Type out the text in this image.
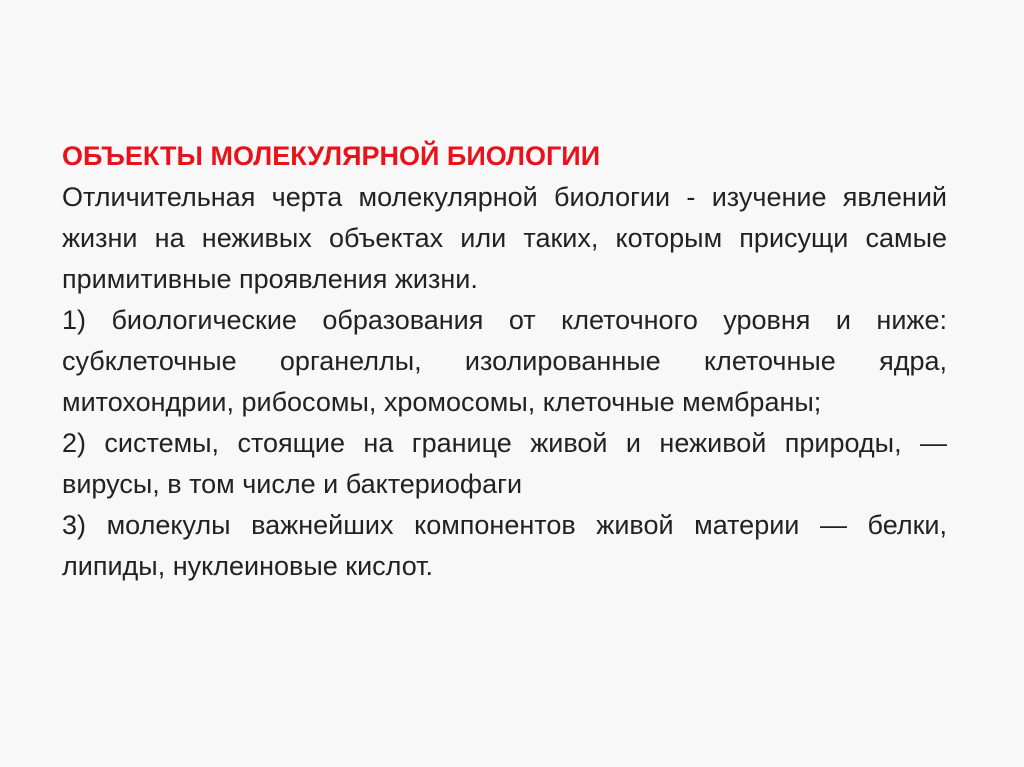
ОБЪЕКТЫ МОЛЕКУЛЯРНОЙ БИОЛОГИИ

Отличительная черта молекулярной биологии - изучение явлений жизни на неживых объектах или таких, которым присущи самые примитивные проявления жизни.

1) биологические образования от клеточного уровня и ниже: субклеточные органеллы, изолированные клеточные ядра, митохондрии, рибосомы, хромосомы, клеточные мембраны;

2) системы, стоящие на границе живой и неживой природы, — вирусы, в том числе и бактериофаги

3) молекулы важнейших компонентов живой материи — белки, липиды, нуклеиновые кислот.
